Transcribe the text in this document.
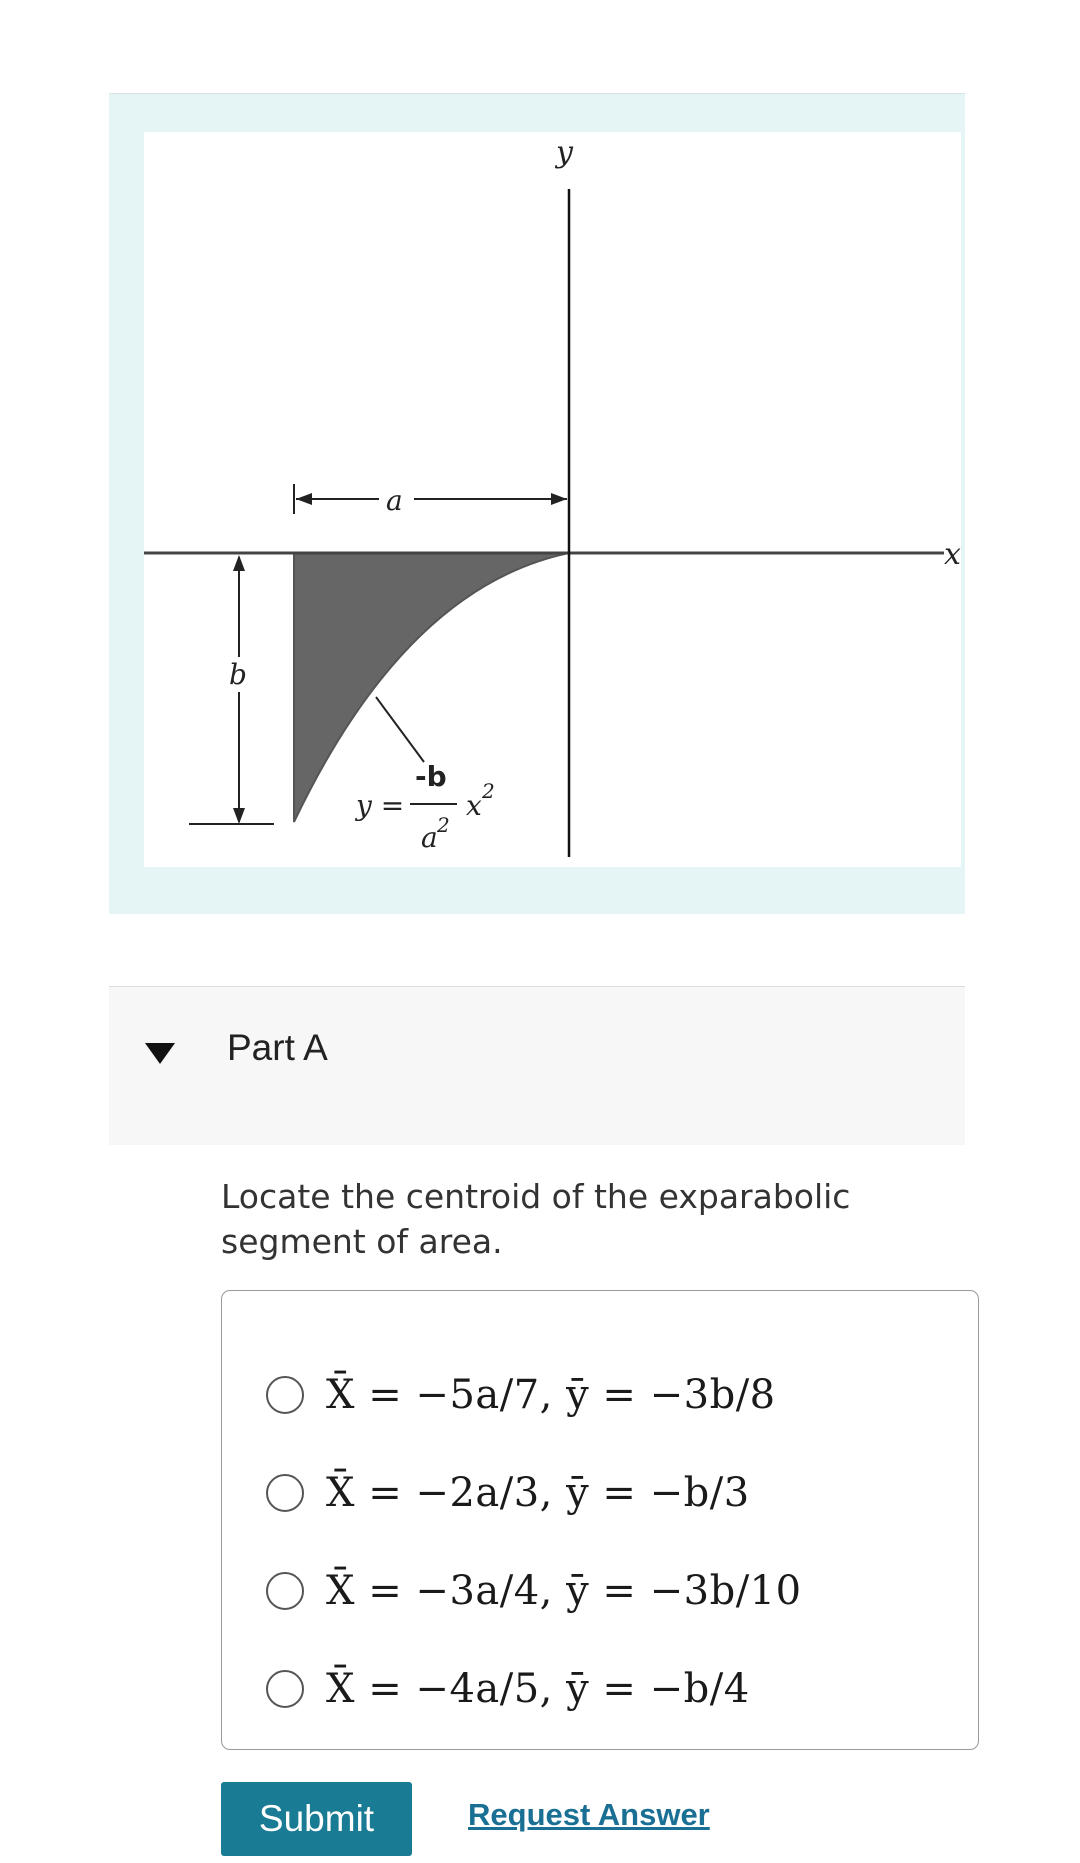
y
x
a
b
y =
-b
a 2
x 2
Part A
Locate the centroid of the exparabolic segment of area.
X̄ = −5a/7, ȳ = −3b/8
X̄ = −2a/3, ȳ = −b/3
X̄ = −3a/4, ȳ = −3b/10
X̄ = −4a/5, ȳ = −b/4
Submit	Request Answer
